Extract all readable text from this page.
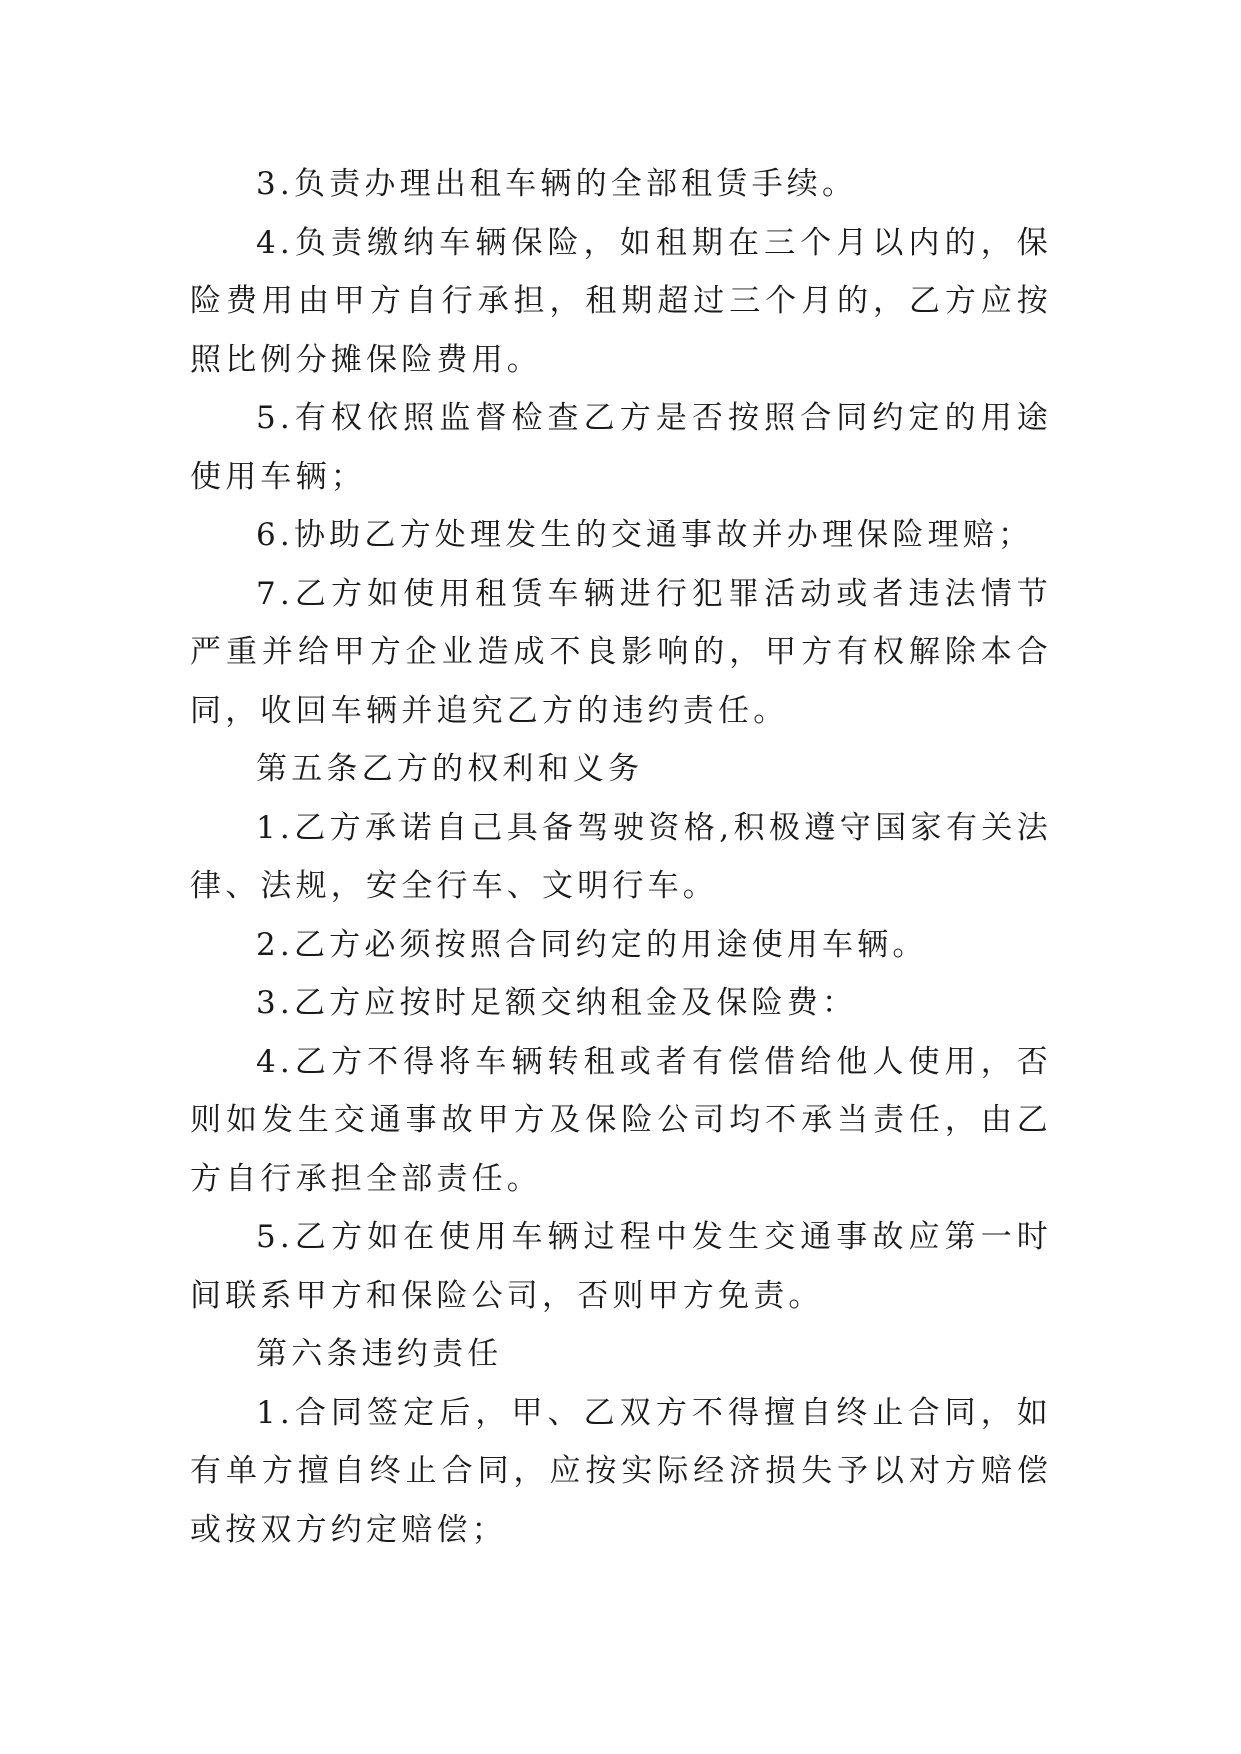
3.负责办理出租车辆的全部租赁手续。

4.负责缴纳车辆保险，如租期在三个月以内的，保险费用由甲方自行承担，租期超过三个月的，乙方应按照比例分摊保险费用。

5.有权依照监督检查乙方是否按照合同约定的用途使用车辆；

6.协助乙方处理发生的交通事故并办理保险理赔；

7.乙方如使用租赁车辆进行犯罪活动或者违法情节严重并给甲方企业造成不良影响的，甲方有权解除本合同，收回车辆并追究乙方的违约责任。

第五条乙方的权利和义务

1.乙方承诺自己具备驾驶资格,积极遵守国家有关法律、法规，安全行车、文明行车。

2.乙方必须按照合同约定的用途使用车辆。

3.乙方应按时足额交纳租金及保险费：

4.乙方不得将车辆转租或者有偿借给他人使用，否则如发生交通事故甲方及保险公司均不承当责任，由乙方自行承担全部责任。

5.乙方如在使用车辆过程中发生交通事故应第一时间联系甲方和保险公司，否则甲方免责。

第六条违约责任

1.合同签定后，甲、乙双方不得擅自终止合同，如有单方擅自终止合同，应按实际经济损失予以对方赔偿或按双方约定赔偿；
